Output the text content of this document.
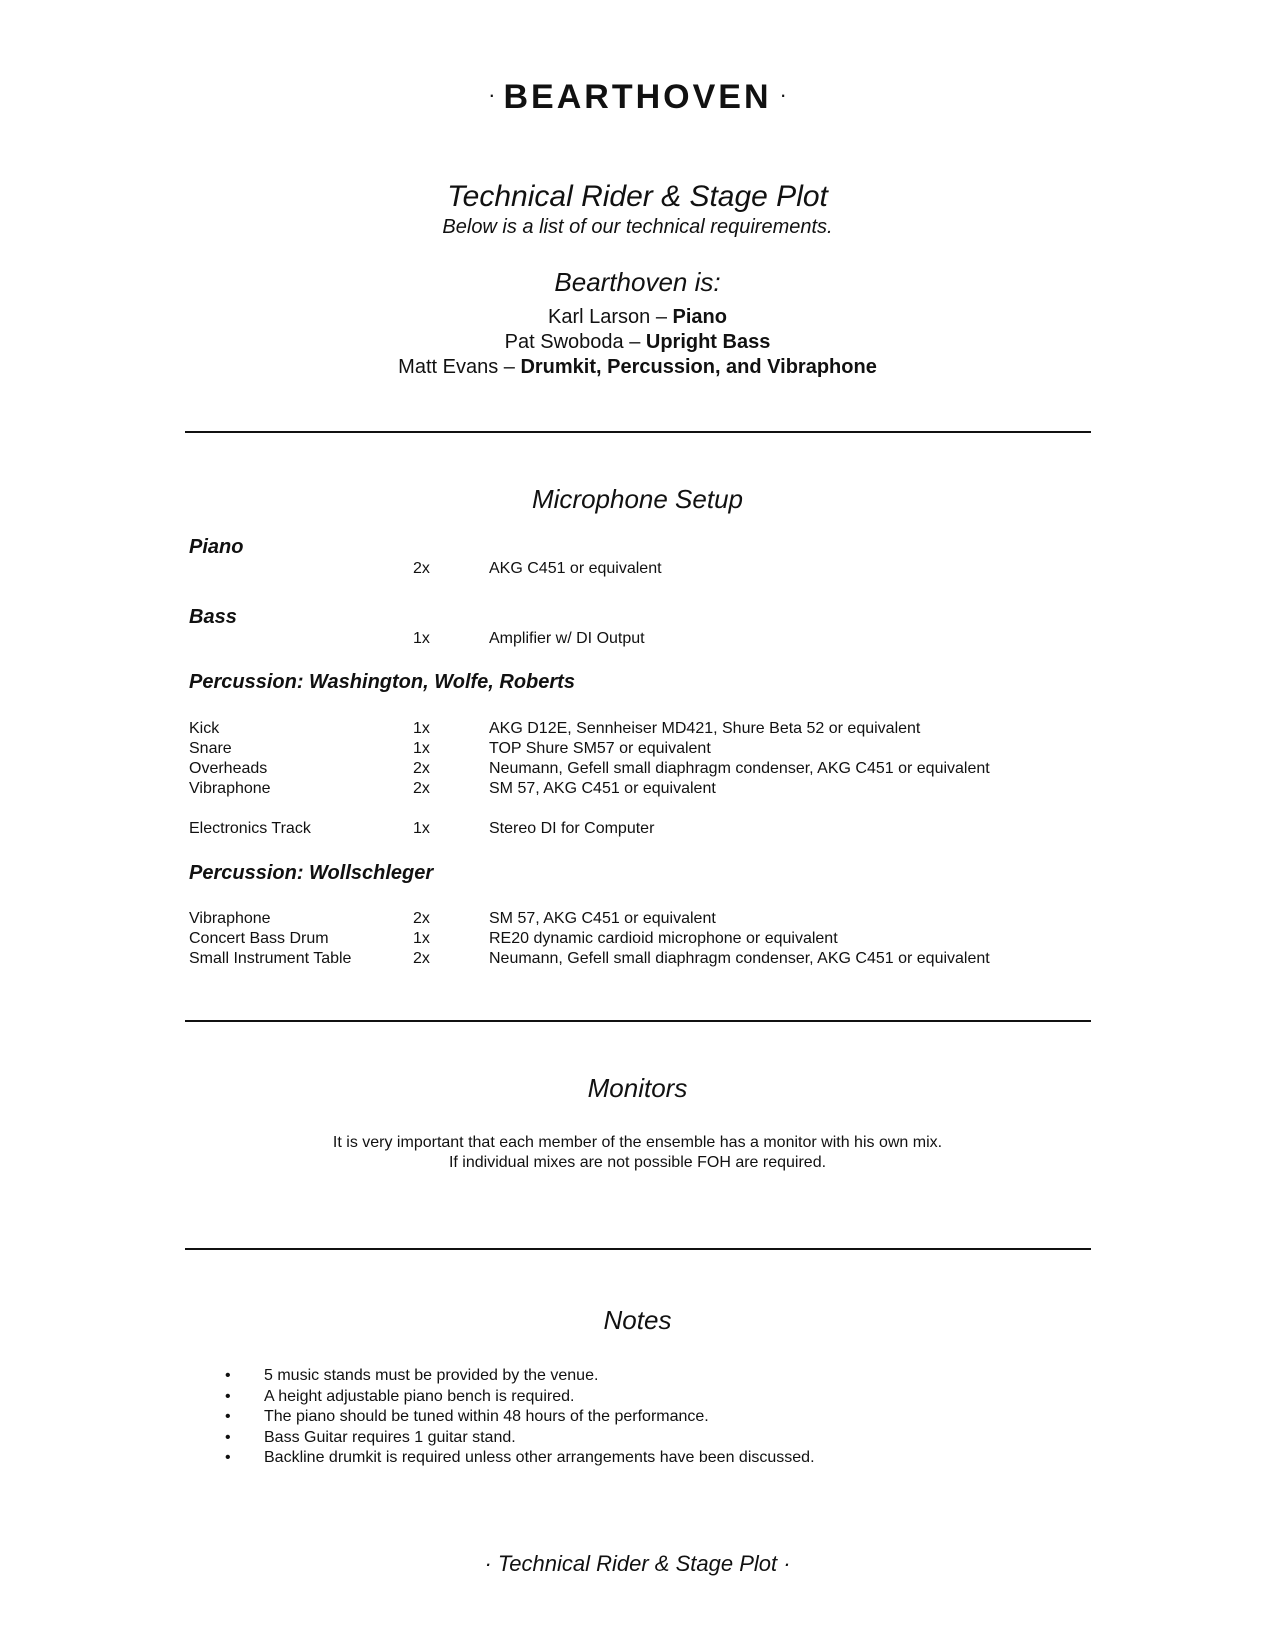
· BEARTHOVEN ·
Technical Rider & Stage Plot
Below is a list of our technical requirements.
Bearthoven is:
Karl Larson – Piano
Pat Swoboda – Upright Bass
Matt Evans – Drumkit, Percussion, and Vibraphone
Microphone Setup
Piano
2x	AKG C451 or equivalent
Bass
1x	Amplifier w/ DI Output
Percussion: Washington, Wolfe, Roberts
Kick	1x	AKG D12E, Sennheiser MD421, Shure Beta 52 or equivalent
Snare	1x	TOP Shure SM57 or equivalent
Overheads	2x	Neumann, Gefell small diaphragm condenser, AKG C451 or equivalent
Vibraphone	2x	SM 57, AKG C451 or equivalent
Electronics Track	1x	Stereo DI for Computer
Percussion: Wollschleger
Vibraphone	2x	SM 57, AKG C451 or equivalent
Concert Bass Drum	1x	RE20 dynamic cardioid microphone or equivalent
Small Instrument Table	2x	Neumann, Gefell small diaphragm condenser, AKG C451 or equivalent
Monitors
It is very important that each member of the ensemble has a monitor with his own mix.
If individual mixes are not possible FOH are required.
Notes
• 5 music stands must be provided by the venue.
• A height adjustable piano bench is required.
• The piano should be tuned within 48 hours of the performance.
• Bass Guitar requires 1 guitar stand.
• Backline drumkit is required unless other arrangements have been discussed.
· Technical Rider & Stage Plot ·
